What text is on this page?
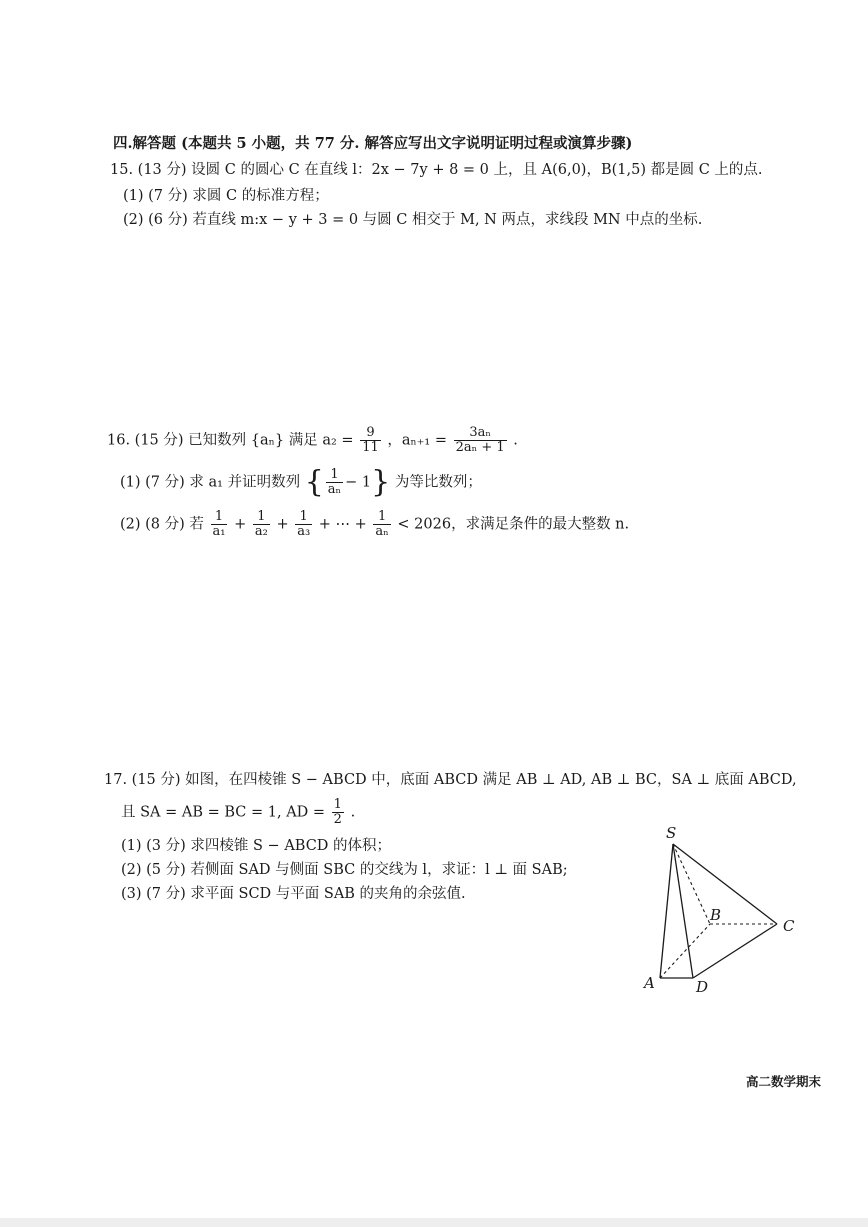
四.解答题 (本题共 5 小题，共 77 分. 解答应写出文字说明证明过程或演算步骤)
15. (13 分) 设圆 C 的圆心 C 在直线 l：2x − 7y + 8 = 0 上，且 A(6,0)，B(1,5) 都是圆 C 上的点.
(1) (7 分) 求圆 C 的标准方程；
(2) (6 分) 若直线 m:x − y + 3 = 0 与圆 C 相交于 M, N 两点，求线段 MN 中点的坐标.
16. (15 分) 已知数列 {aₙ} 满足 $a_2 = \frac{9}{11}$ ，$a_{n+1} = \frac{\text{3aₙ}}{\text{2aₙ + 1}}$ .
(1) (7 分) 求 a₁ 并证明数列 { $\frac{1}{\text{aₙ}} - 1$} 为等比数列；
(2) (8 分) 若 $\frac{1}{\text{a₁}} + \frac{1}{\text{a₂}} + \frac{1}{\text{a₃}}$ + ⋯ + $\frac{1}{\text{aₙ}} < 2026$，求满足条件的最大整数 n.
17. (15 分) 如图，在四棱锥 S − ABCD 中，底面 ABCD 满足 AB ⊥ AD, AB ⊥ BC，SA ⊥ 底面 ABCD,
且 SA = AB = BC = 1, AD = $\frac{1}{2}$ .
(1) (3 分) 求四棱锥 S − ABCD 的体积；
(2) (5 分) 若侧面 SAD 与侧面 SBC 的交线为 l，求证：l ⊥ 面 SAB;
(3) (7 分) 求平面 SCD 与平面 SAB 的夹角的余弦值.
S
A
B
C
D
高二数学期末
